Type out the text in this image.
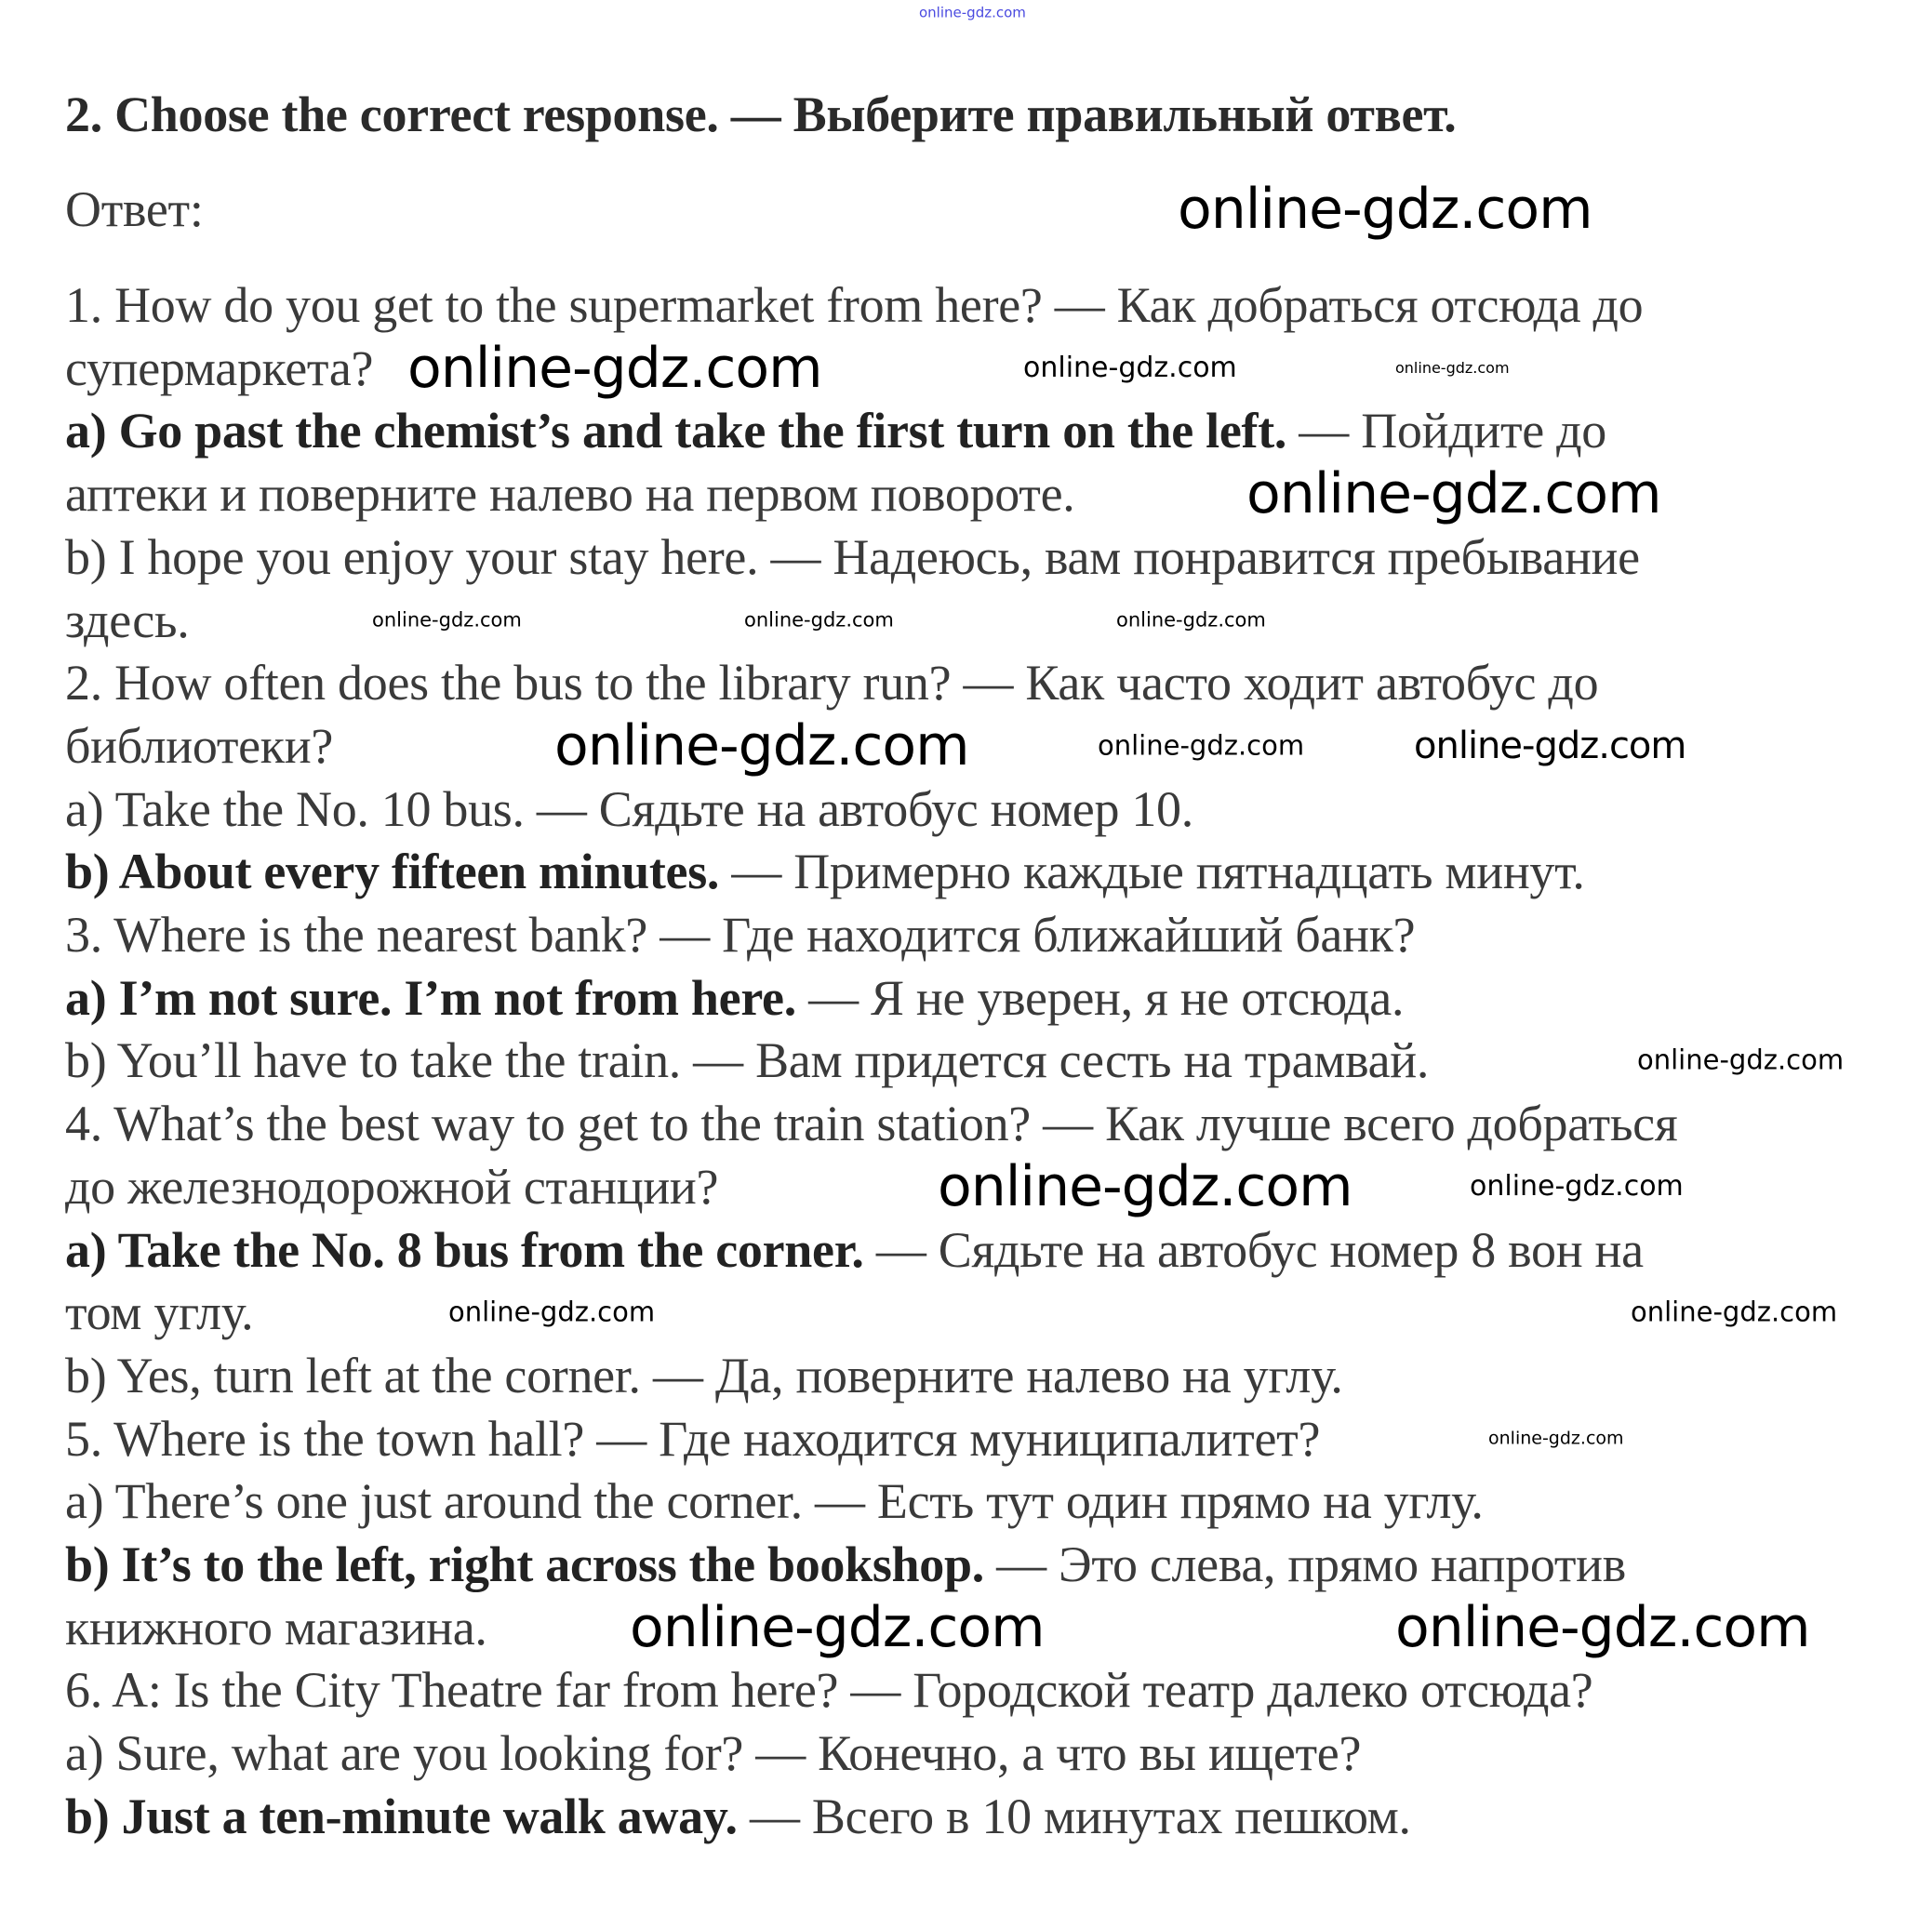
2. Choose the correct response. — Выберите правильный ответ.
Ответ:
1. How do you get to the supermarket from here? — Как добраться отсюда до
супермаркета?
a) Go past the chemist’s and take the first turn on the left. — Пойдите до
аптеки и поверните налево на первом повороте.
b) I hope you enjoy your stay here. — Надеюсь, вам понравится пребывание
здесь.
2. How often does the bus to the library run? — Как часто ходит автобус до
библиотеки?
a) Take the No. 10 bus. — Сядьте на автобус номер 10.
b) About every fifteen minutes. — Примерно каждые пятнадцать минут.
3. Where is the nearest bank? — Где находится ближайший банк?
a) I’m not sure. I’m not from here. — Я не уверен, я не отсюда.
b) You’ll have to take the train. — Вам придется сесть на трамвай.
4. What’s the best way to get to the train station? — Как лучше всего добраться
до железнодорожной станции?
a) Take the No. 8 bus from the corner. — Сядьте на автобус номер 8 вон на
том углу.
b) Yes, turn left at the corner. — Да, поверните налево на углу.
5. Where is the town hall? — Где находится муниципалитет?
a) There’s one just around the corner. — Есть тут один прямо на углу.
b) It’s to the left, right across the bookshop. — Это слева, прямо напротив
книжного магазина.
6. A: Is the City Theatre far from here? — Городской театр далеко отсюда?
a) Sure, what are you looking for? — Конечно, а что вы ищете?
b) Just a ten-minute walk away. — Всего в 10 минутах пешком.
online-gdz.com
online-gdz.com
online-gdz.com	online-gdz.com	online-gdz.com
online-gdz.com
online-gdz.com	online-gdz.com	online-gdz.com
online-gdz.com	online-gdz.com	online-gdz.com
online-gdz.com
online-gdz.com	online-gdz.com
online-gdz.com	online-gdz.com
online-gdz.com
online-gdz.com	online-gdz.com
